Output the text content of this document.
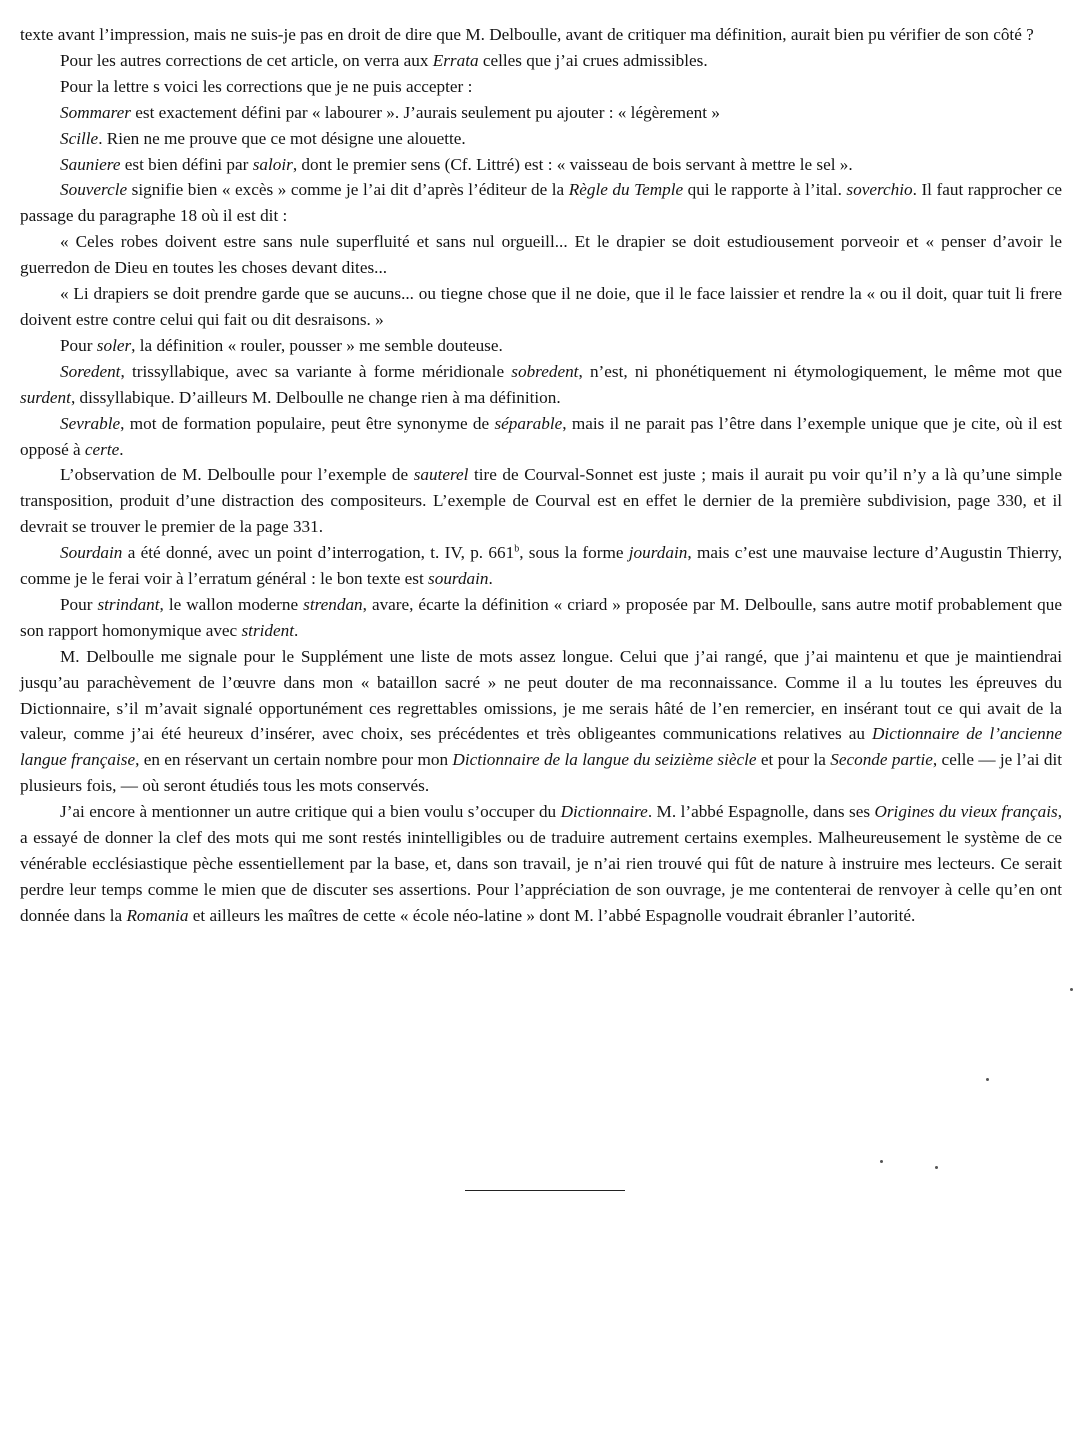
texte avant l’impression, mais ne suis-je pas en droit de dire que M. Delboulle, avant de critiquer ma définition, aurait bien pu vérifier de son côté ?

Pour les autres corrections de cet article, on verra aux Errata celles que j’ai crues admissibles.

Pour la lettre s voici les corrections que je ne puis accepter :

Sommarer est exactement défini par « labourer ». J’aurais seulement pu ajouter : « légèrement »

Scille. Rien ne me prouve que ce mot désigne une alouette.

Sauniere est bien défini par saloir, dont le premier sens (Cf. Littré) est : « vaisseau de bois servant à mettre le sel ».

Souvercle signifie bien « excès » comme je l’ai dit d’après l’éditeur de la Règle du Temple qui le rapporte à l’ital. soverchio. Il faut rapprocher ce passage du paragraphe 18 où il est dit :

« Celes robes doivent estre sans nule superfluité et sans nul orgueill... Et le drapier se doit estudiousement porveoir et « penser d’avoir le guerredon de Dieu en toutes les choses devant dites...

« Li drapiers se doit prendre garde que se aucuns... ou tiegne chose que il ne doie, que il le face laissier et rendre la « ou il doit, quar tuit li frere doivent estre contre celui qui fait ou dit desraisons. »

Pour soler, la définition « rouler, pousser » me semble douteuse.

Soredent, trissyllabique, avec sa variante à forme méridionale sobredent, n’est, ni phonétiquement ni étymologiquement, le même mot que surdent, dissyllabique. D’ailleurs M. Delboulle ne change rien à ma définition.

Sevrable, mot de formation populaire, peut être synonyme de séparable, mais il ne parait pas l’être dans l’exemple unique que je cite, où il est opposé à certe.

L’observation de M. Delboulle pour l’exemple de sauterel tire de Courval-Sonnet est juste ; mais il aurait pu voir qu’il n’y a là qu’une simple transposition, produit d’une distraction des compositeurs. L’exemple de Courval est en effet le dernier de la première subdivision, page 330, et il devrait se trouver le premier de la page 331.

Sourdain a été donné, avec un point d’interrogation, t. IV, p. 661$^b$, sous la forme jourdain, mais c’est une mauvaise lecture d’Augustin Thierry, comme je le ferai voir à l’erratum général : le bon texte est sourdain.

Pour strindant, le wallon moderne strendan, avare, écarte la définition « criard » proposée par M. Delboulle, sans autre motif probablement que son rapport homonymique avec strident.

M. Delboulle me signale pour le Supplément une liste de mots assez longue. Celui que j’ai rangé, que j’ai maintenu et que je maintiendrai jusqu’au parachèvement de l’œuvre dans mon « bataillon sacré » ne peut douter de ma reconnaissance. Comme il a lu toutes les épreuves du Dictionnaire, s’il m’avait signalé opportunément ces regrettables omissions, je me serais hâté de l’en remercier, en insérant tout ce qui avait de la valeur, comme j’ai été heureux d’insérer, avec choix, ses précédentes et très obligeantes communications relatives au Dictionnaire de l’ancienne langue française, en en réservant un certain nombre pour mon Dictionnaire de la langue du seizième siècle et pour la Seconde partie, celle — je l’ai dit plusieurs fois, — où seront étudiés tous les mots conservés.

J’ai encore à mentionner un autre critique qui a bien voulu s’occuper du Dictionnaire. M. l’abbé Espagnolle, dans ses Origines du vieux français, a essayé de donner la clef des mots qui me sont restés inintelligibles ou de traduire autrement certains exemples. Malheureusement le système de ce vénérable ecclésiastique pèche essentiellement par la base, et, dans son travail, je n’ai rien trouvé qui fût de nature à instruire mes lecteurs. Ce serait perdre leur temps comme le mien que de discuter ses assertions. Pour l’appréciation de son ouvrage, je me contenterai de renvoyer à celle qu’en ont donnée dans la Romania et ailleurs les maîtres de cette « école néo-latine » dont M. l’abbé Espagnolle voudrait ébranler l’autorité.
